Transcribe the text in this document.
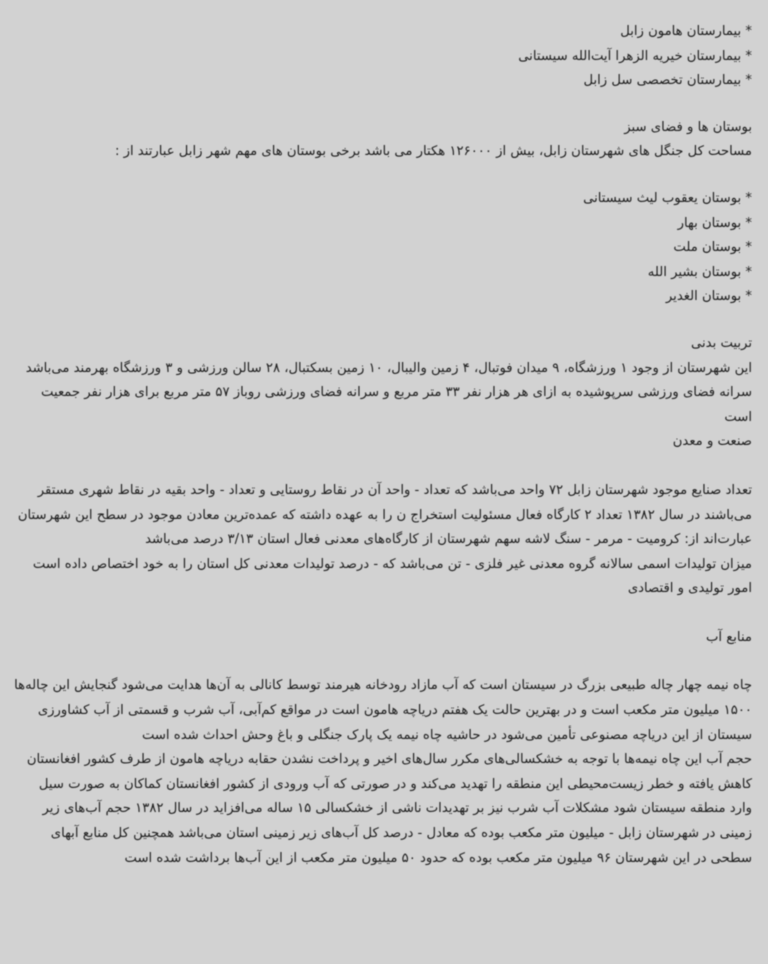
* بیمارستان هامون زابل

* بیمارستان خیریه الزهرا آیت‌الله سیستانی

* بیمارستان تخصصی سل زابل

بوستان ها و فضای سبز

مساحت کل جنگل های شهرستان زابل، بیش از ۱۲۶۰۰۰ هکتار می باشد برخی بوستان های مهم شهر زابل عبارتند از :

* بوستان یعقوب لیث سیستانی

* بوستان بهار

* بوستان ملت

* بوستان بشیر الله

* بوستان الغدیر

تربیت بدنی

این شهرستان از وجود ۱ ورزشگاه، ۹ میدان فوتبال، ۴ زمین والیبال، ۱۰ زمین بسکتبال، ۲۸ سالن ورزشی و ۳ ورزشگاه بهرمند می‌باشد سرانه فضای ورزشی سرپوشیده به ازای هر هزار نفر ۳۳ متر مربع و سرانه فضای ورزشی روباز ۵۷ متر مربع برای هزار نفر جمعیت است

صنعت و معدن

تعداد صنایع موجود شهرستان زابل ۷۲ واحد می‌باشد که تعداد - واحد آن در نقاط روستایی و تعداد - واحد بقیه در نقاط شهری مستقر می‌باشند در سال ۱۳۸۲ تعداد ۲ کارگاه فعال مسئولیت استخراج ن را به عهده داشته که عمده‌ترین معادن موجود در سطح این شهرستان عبارت‌اند از: کرومیت - مرمر - سنگ لاشه سهم شهرستان از کارگاه‌های معدنی فعال استان ۳/۱۳ درصد می‌باشد

میزان تولیدات اسمی سالانه گروه معدنی غیر فلزی - تن می‌باشد که - درصد تولیدات معدنی کل استان را به خود اختصاص داده است امور تولیدی و اقتصادی

منابع آب

چاه نیمه چهار چاله طبیعی بزرگ در سیستان است که آب مازاد رودخانه هیرمند توسط کانالی به آن‌ها هدایت می‌شود گنجایش این چاله‌ها ۱۵۰۰ میلیون متر مکعب است و در بهترین حالت یک هفتم دریاچه هامون است در مواقع کم‌آبی، آب شرب و قسمتی از آب کشاورزی سیستان از این دریاچه مصنوعی تأمین می‌شود در حاشیه چاه نیمه یک پارک جنگلی و باغ وحش احداث شده است

حجم آب این چاه نیمه‌ها با توجه به خشکسالی‌های مکرر سال‌های اخیر و پرداخت نشدن حقابه دریاچه هامون از طرف کشور افغانستان کاهش یافته و خطر زیست‌محیطی این منطقه را تهدید می‌کند و در صورتی که آب ورودی از کشور افغانستان کماکان به صورت سیل وارد منطقه سیستان شود مشکلات آب شرب نیز بر تهدیدات ناشی از خشکسالی ۱۵ ساله می‌افزاید در سال ۱۳۸۲ حجم آب‌های زیر زمینی در شهرستان زابل - میلیون متر مکعب بوده که معادل - درصد کل آب‌های زیر زمینی استان می‌باشد همچنین کل منابع آبهای سطحی در این شهرستان ۹۶ میلیون متر مکعب بوده که حدود ۵۰ میلیون متر مکعب از این آب‌ها برداشت شده است
